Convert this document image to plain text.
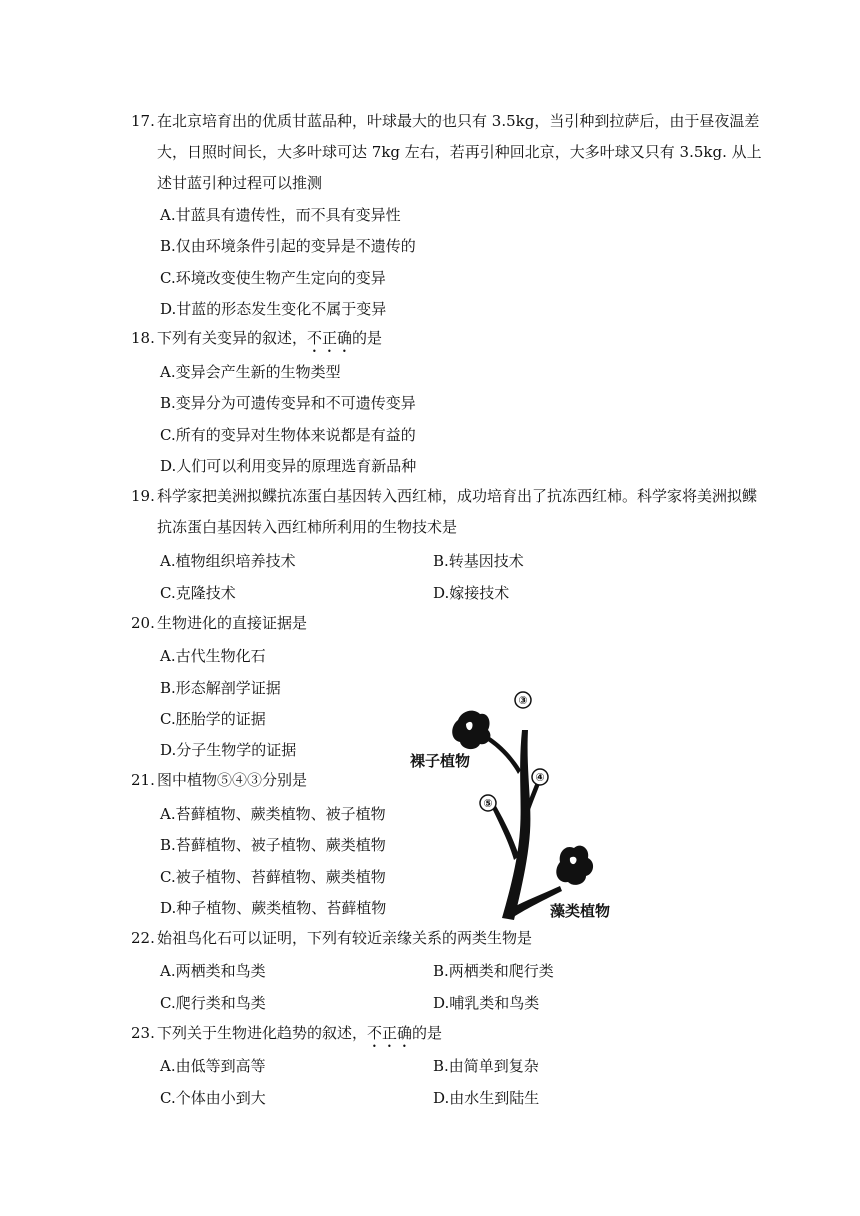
17. 在北京培育出的优质甘蓝品种，叶球最大的也只有 3.5kg，当引种到拉萨后，由于昼夜温差大，日照时间长，大多叶球可达 7kg 左右，若再引种回北京，大多叶球又只有 3.5kg. 从上述甘蓝引种过程可以推测
A.甘蓝具有遗传性，而不具有变异性
B.仅由环境条件引起的变异是不遗传的
C.环境改变使生物产生定向的变异
D.甘蓝的形态发生变化不属于变异
18. 下列有关变异的叙述，不正确的是
A.变异会产生新的生物类型
B.变异分为可遗传变异和不可遗传变异
C.所有的变异对生物体来说都是有益的
D.人们可以利用变异的原理选育新品种
19. 科学家把美洲拟鲽抗冻蛋白基因转入西红柿，成功培育出了抗冻西红柿。科学家将美洲拟鲽抗冻蛋白基因转入西红柿所利用的生物技术是
A.植物组织培养技术	B.转基因技术
C.克隆技术	D.嫁接技术
20. 生物进化的直接证据是
A.古代生物化石
B.形态解剖学证据
C.胚胎学的证据
D.分子生物学的证据
21. 图中植物⑤④③分别是
A.苔藓植物、蕨类植物、被子植物
B.苔藓植物、被子植物、蕨类植物
C.被子植物、苔藓植物、蕨类植物
D.种子植物、蕨类植物、苔藓植物
③
④
⑤
裸子植物
藻类植物
22. 始祖鸟化石可以证明，下列有较近亲缘关系的两类生物是
A.两栖类和鸟类	B.两栖类和爬行类
C.爬行类和鸟类	D.哺乳类和鸟类
23. 下列关于生物进化趋势的叙述，不正确的是
A.由低等到高等	B.由简单到复杂
C.个体由小到大	D.由水生到陆生
